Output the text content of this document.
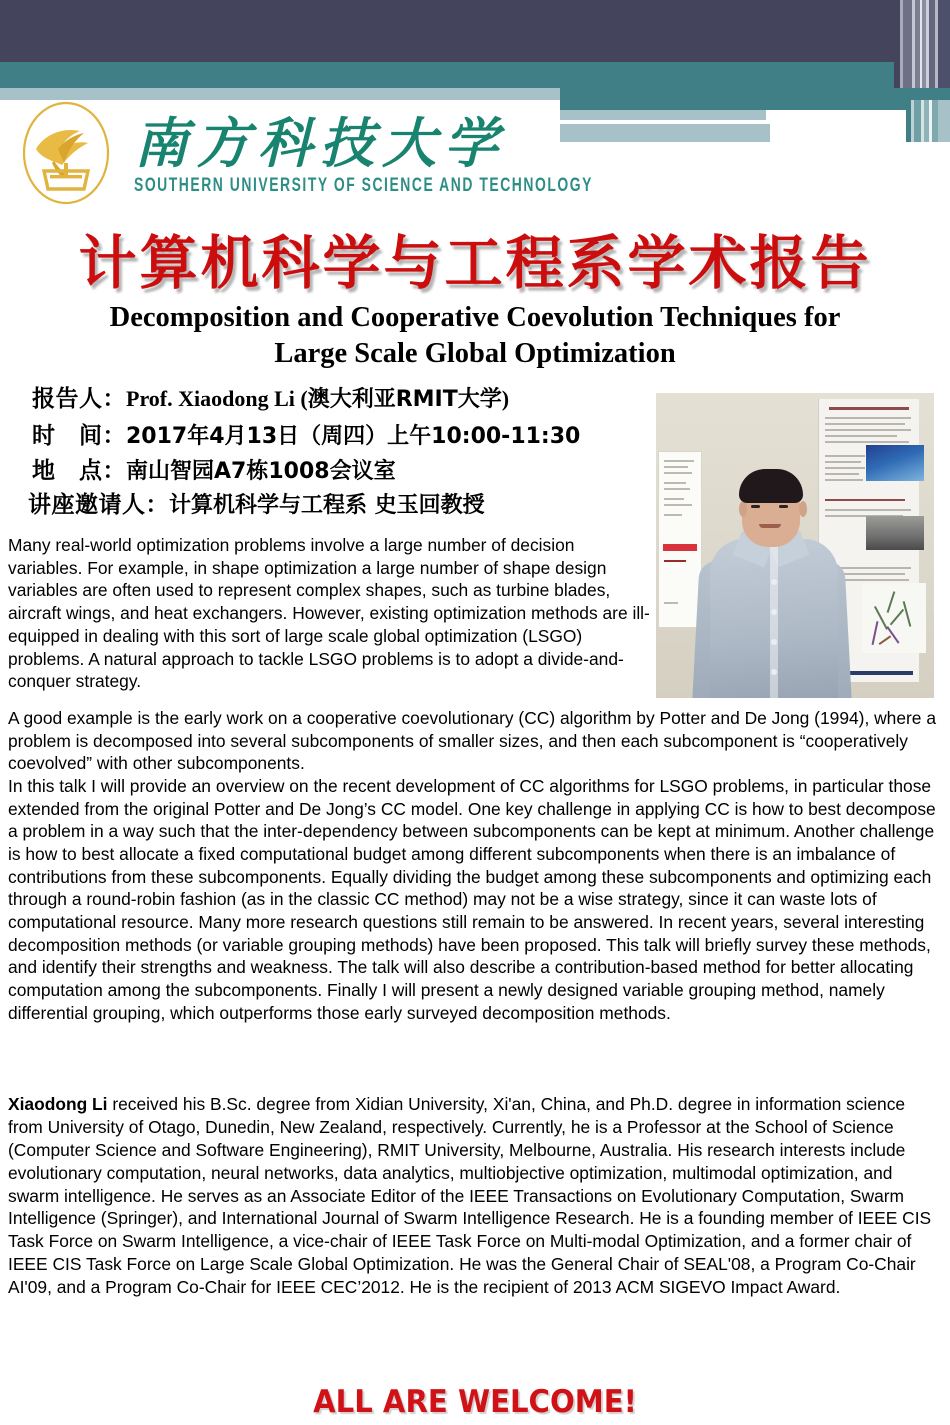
南方科技大学
SOUTHERN UNIVERSITY OF SCIENCE AND TECHNOLOGY
计算机科学与工程系学术报告
Decomposition and Cooperative Coevolution Techniques for
Large Scale Global Optimization
报告人：Prof. Xiaodong Li (澳大利亚RMIT大学)
时　间：2017年4月13日（周四）上午10:00-11:30
地　点：南山智园A7栋1008会议室
讲座邀请人：计算机科学与工程系 史玉回教授

Many real-world optimization problems involve a large number of decision variables. For example, in shape optimization a large number of shape design variables are often used to represent complex shapes, such as turbine blades, aircraft wings, and heat exchangers. However, existing optimization methods are ill-equipped in dealing with this sort of large scale global optimization (LSGO) problems. A natural approach to tackle LSGO problems is to adopt a divide-and-conquer strategy.

A good example is the early work on a cooperative coevolutionary (CC) algorithm by Potter and De Jong (1994), where a problem is decomposed into several subcomponents of smaller sizes, and then each subcomponent is “cooperatively coevolved” with other subcomponents.

In this talk I will provide an overview on the recent development of CC algorithms for LSGO problems, in particular those extended from the original Potter and De Jong’s CC model. One key challenge in applying CC is how to best decompose a problem in a way such that the inter-dependency between subcomponents can be kept at minimum. Another challenge is how to best allocate a fixed computational budget among different subcomponents when there is an imbalance of contributions from these subcomponents. Equally dividing the budget among these subcomponents and optimizing each through a round-robin fashion (as in the classic CC method) may not be a wise strategy, since it can waste lots of computational resource. Many more research questions still remain to be answered. In recent years, several interesting decomposition methods (or variable grouping methods) have been proposed. This talk will briefly survey these methods, and identify their strengths and weakness. The talk will also describe a contribution-based method for better allocating computation among the subcomponents. Finally I will present a newly designed variable grouping method, namely differential grouping, which outperforms those early surveyed decomposition methods.

Xiaodong Li received his B.Sc. degree from Xidian University, Xi'an, China, and Ph.D. degree in information science from University of Otago, Dunedin, New Zealand, respectively. Currently, he is a Professor at the School of Science (Computer Science and Software Engineering), RMIT University, Melbourne, Australia. His research interests include evolutionary computation, neural networks, data analytics, multiobjective optimization, multimodal optimization, and swarm intelligence. He serves as an Associate Editor of the IEEE Transactions on Evolutionary Computation, Swarm Intelligence (Springer), and International Journal of Swarm Intelligence Research. He is a founding member of IEEE CIS Task Force on Swarm Intelligence, a vice-chair of IEEE Task Force on Multi-modal Optimization, and a former chair of IEEE CIS Task Force on Large Scale Global Optimization. He was the General Chair of SEAL'08, a Program Co-Chair AI'09, and a Program Co-Chair for IEEE CEC’2012. He is the recipient of 2013 ACM SIGEVO Impact Award.
ALL ARE WELCOME!
